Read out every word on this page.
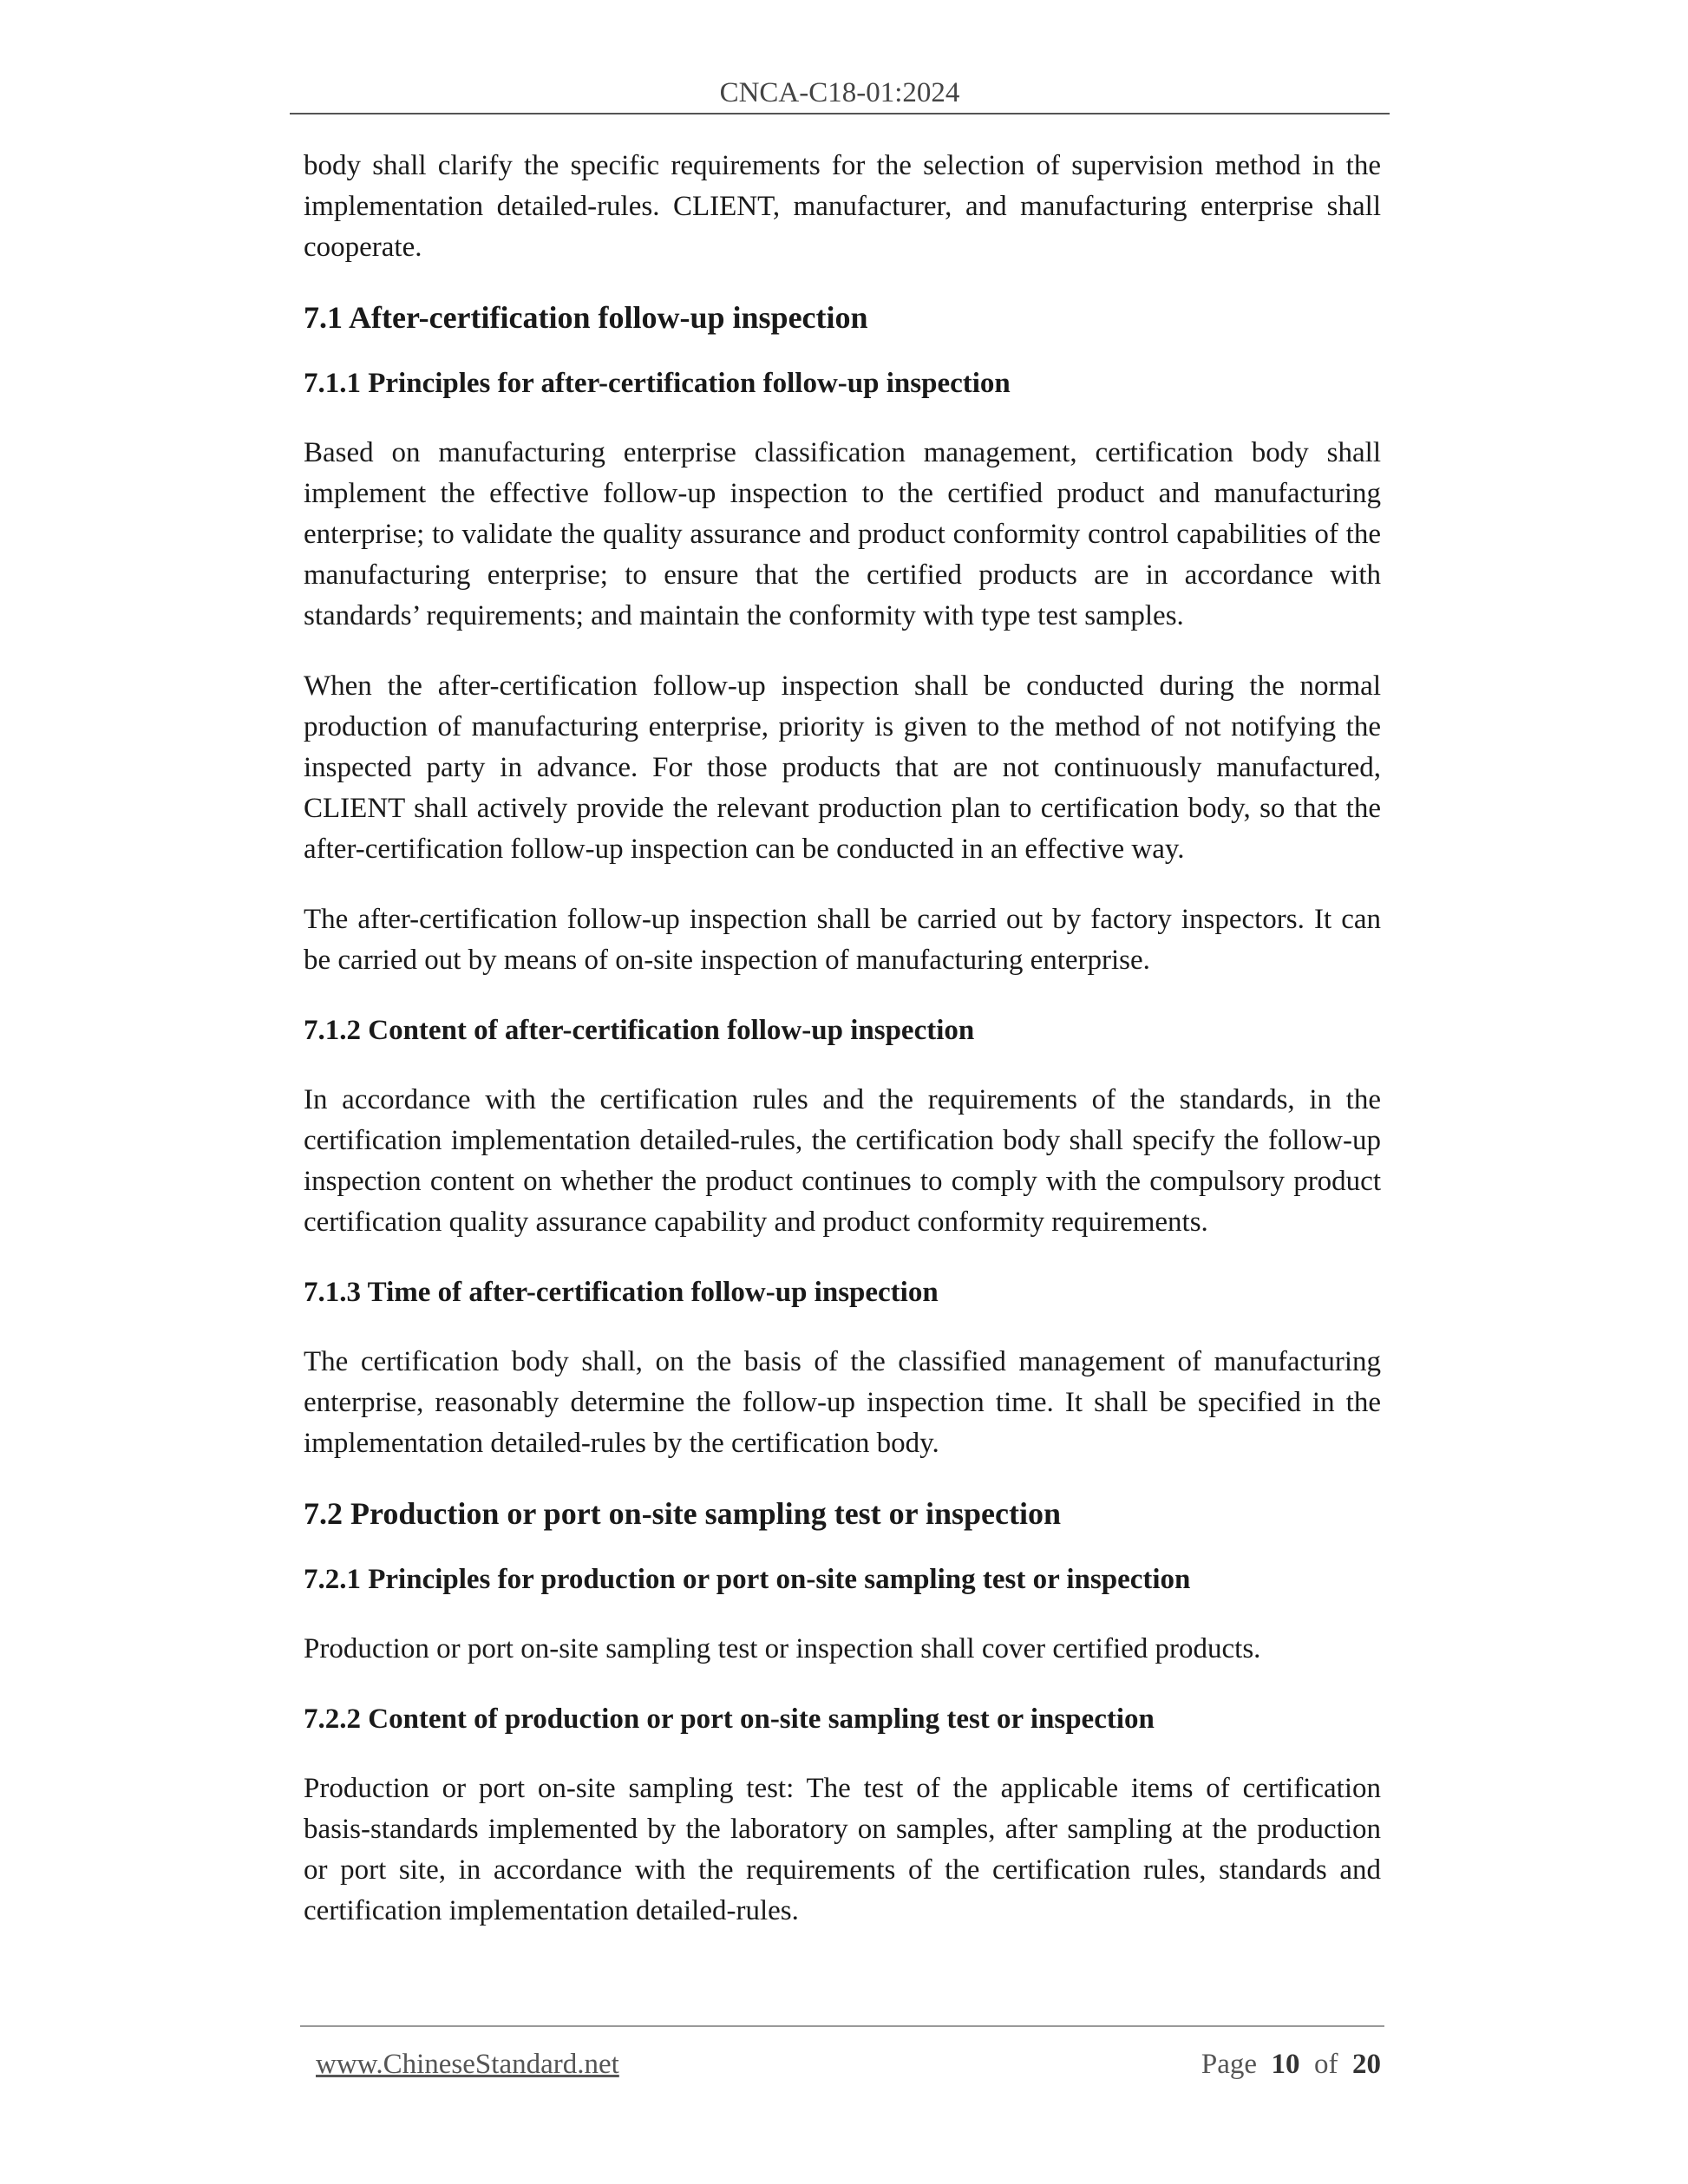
CNCA-C18-01:2024

body shall clarify the specific requirements for the selection of supervision method in the implementation detailed-rules. CLIENT, manufacturer, and manufacturing enterprise shall cooperate.

7.1 After-certification follow-up inspection
7.1.1 Principles for after-certification follow-up inspection

Based on manufacturing enterprise classification management, certification body shall implement the effective follow-up inspection to the certified product and manufacturing enterprise; to validate the quality assurance and product conformity control capabilities of the manufacturing enterprise; to ensure that the certified products are in accordance with standards’ requirements; and maintain the conformity with type test samples.

When the after-certification follow-up inspection shall be conducted during the normal production of manufacturing enterprise, priority is given to the method of not notifying the inspected party in advance. For those products that are not continuously manufactured, CLIENT shall actively provide the relevant production plan to certification body, so that the after-certification follow-up inspection can be conducted in an effective way.

The after-certification follow-up inspection shall be carried out by factory inspectors. It can be carried out by means of on-site inspection of manufacturing enterprise.

7.1.2 Content of after-certification follow-up inspection

In accordance with the certification rules and the requirements of the standards, in the certification implementation detailed-rules, the certification body shall specify the follow-up inspection content on whether the product continues to comply with the compulsory product certification quality assurance capability and product conformity requirements.

7.1.3 Time of after-certification follow-up inspection

The certification body shall, on the basis of the classified management of manufacturing enterprise, reasonably determine the follow-up inspection time. It shall be specified in the implementation detailed-rules by the certification body.

7.2 Production or port on-site sampling test or inspection
7.2.1 Principles for production or port on-site sampling test or inspection

Production or port on-site sampling test or inspection shall cover certified products.

7.2.2 Content of production or port on-site sampling test or inspection

Production or port on-site sampling test: The test of the applicable items of certification basis-standards implemented by the laboratory on samples, after sampling at the production or port site, in accordance with the requirements of the certification rules, standards and certification implementation detailed-rules.

www.ChineseStandard.net	Page 10 of 20
